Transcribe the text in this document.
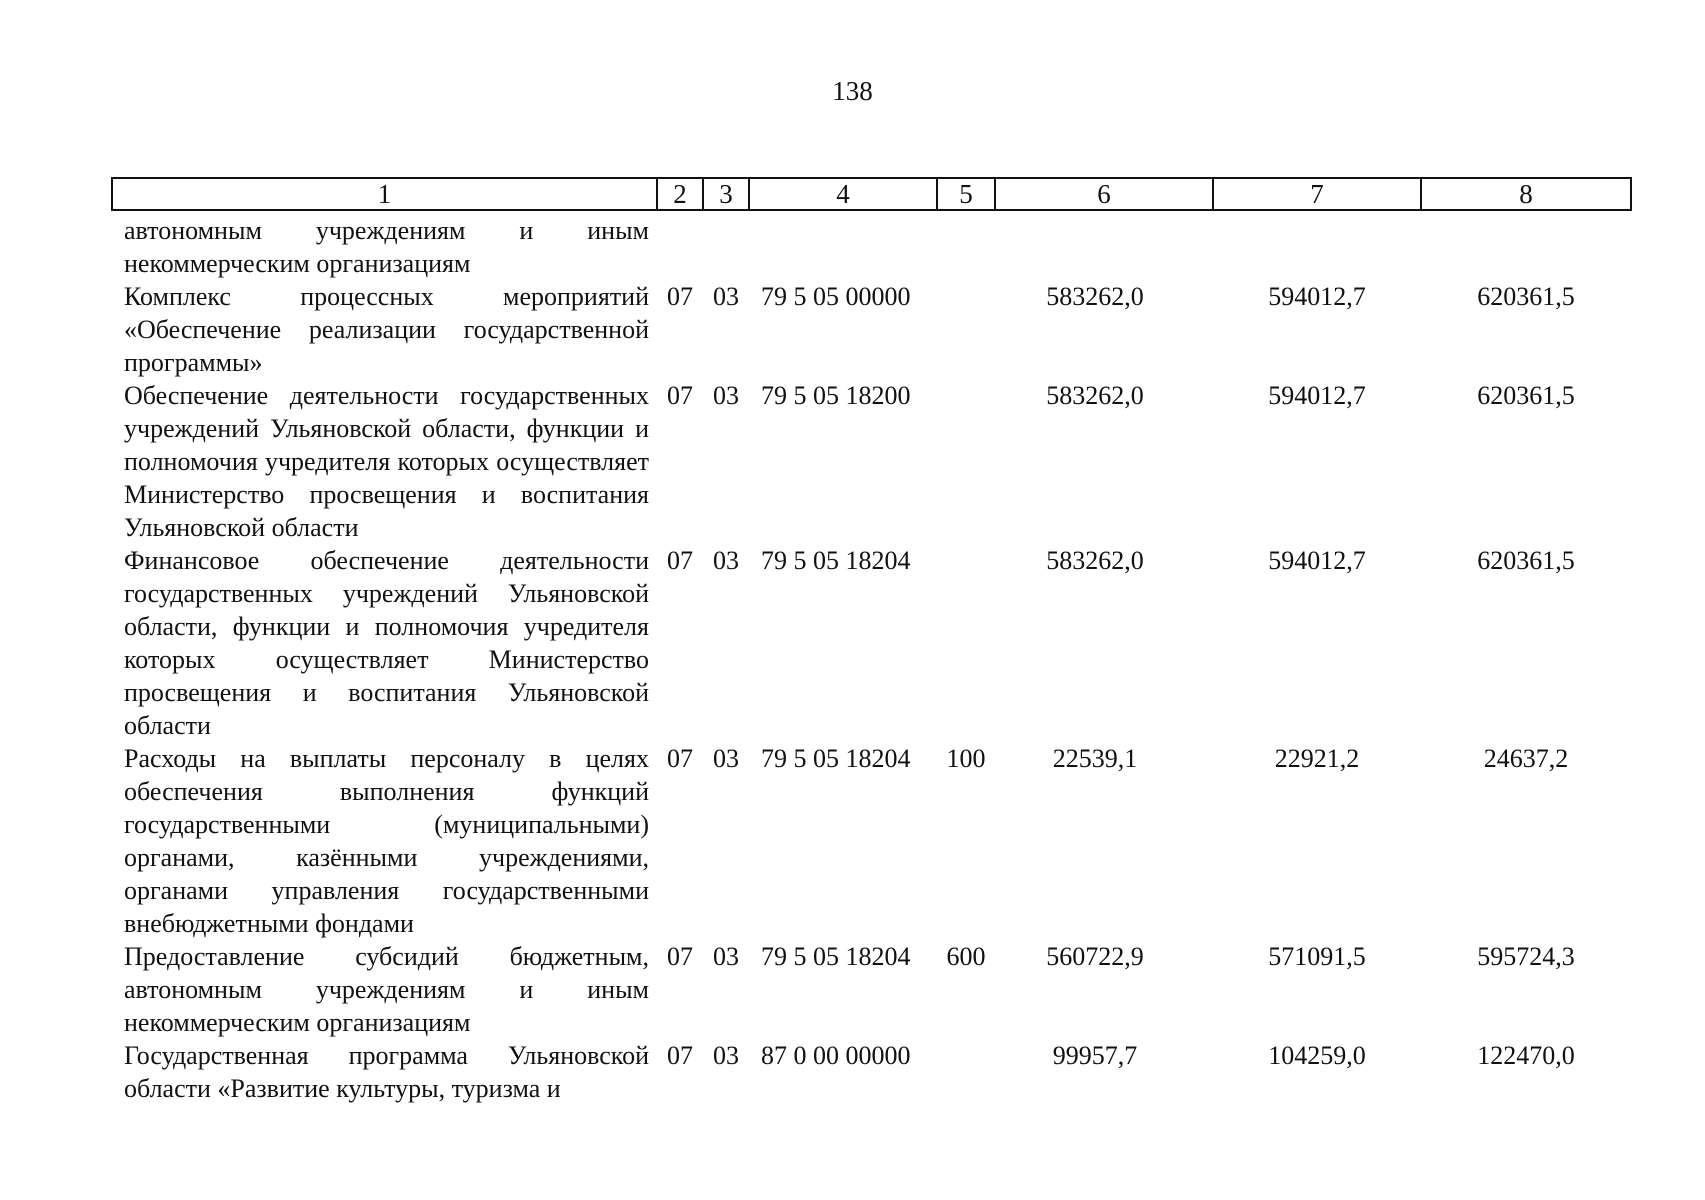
138
1	2	3	4	5	6	7	8
автономным учреждениям и иным некоммерческим организациям							
Комплекс процессных мероприятий «Обеспечение реализации государственной программы»	07	03	79 5 05 00000		583262,0	594012,7	620361,5
Обеспечение деятельности государственных учреждений Ульяновской области, функции и полномочия учредителя которых осуществляет Министерство просвещения и воспитания Ульяновской области	07	03	79 5 05 18200		583262,0	594012,7	620361,5
Финансовое обеспечение деятельности государственных учреждений Ульяновской области, функции и полномочия учредителя которых осуществляет Министерство просвещения и воспитания Ульяновской области	07	03	79 5 05 18204		583262,0	594012,7	620361,5
Расходы на выплаты персоналу в целях обеспечения выполнения функций государственными (муниципальными) органами, казёнными учреждениями, органами управления государственными внебюджетными фондами	07	03	79 5 05 18204	100	22539,1	22921,2	24637,2
Предоставление субсидий бюджетным, автономным учреждениям и иным некоммерческим организациям	07	03	79 5 05 18204	600	560722,9	571091,5	595724,3
Государственная программа Ульяновской области «Развитие культуры, туризма и	07	03	87 0 00 00000		99957,7	104259,0	122470,0
